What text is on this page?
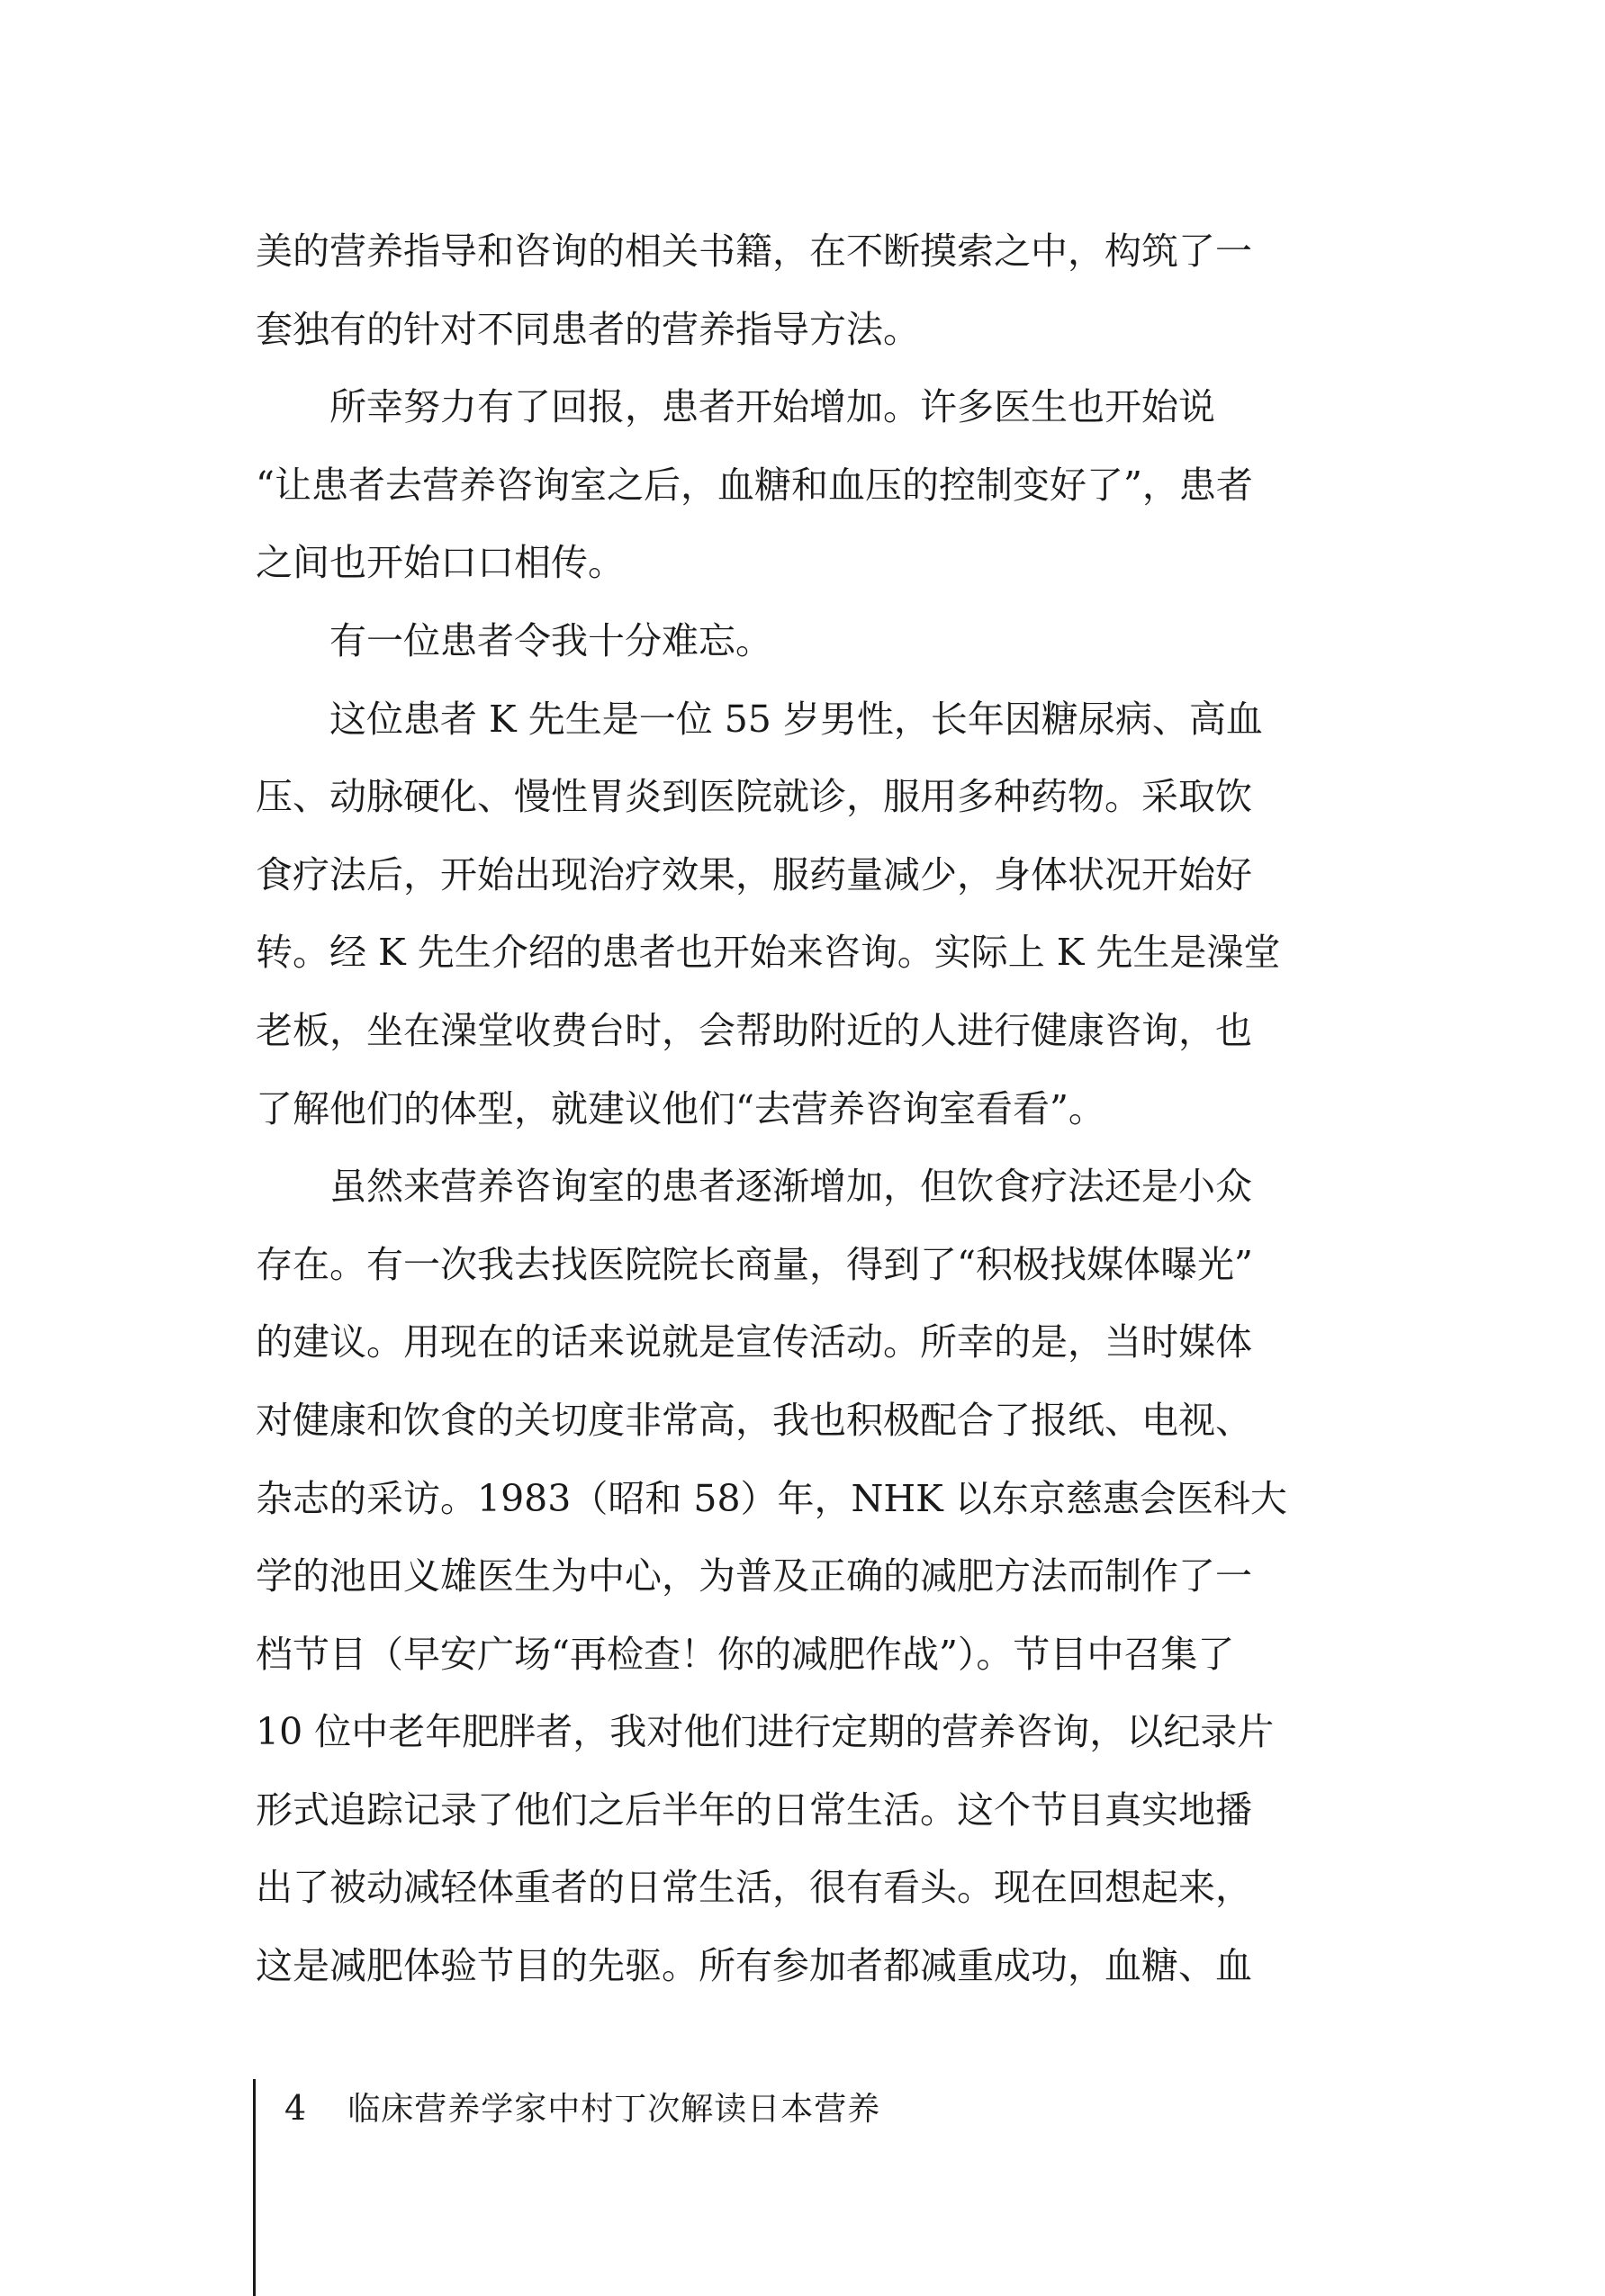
美的营养指导和咨询的相关书籍，在不断摸索之中，构筑了一
套独有的针对不同患者的营养指导方法。
　　所幸努力有了回报，患者开始增加。许多医生也开始说
“让患者去营养咨询室之后，血糖和血压的控制变好了”，患者
之间也开始口口相传。
　　有一位患者令我十分难忘。
　　这位患者 K 先生是一位 55 岁男性，长年因糖尿病、高血
压、动脉硬化、慢性胃炎到医院就诊，服用多种药物。采取饮
食疗法后，开始出现治疗效果，服药量减少，身体状况开始好
转。经 K 先生介绍的患者也开始来咨询。实际上 K 先生是澡堂
老板，坐在澡堂收费台时，会帮助附近的人进行健康咨询，也
了解他们的体型，就建议他们“去营养咨询室看看”。
　　虽然来营养咨询室的患者逐渐增加，但饮食疗法还是小众
存在。有一次我去找医院院长商量，得到了“积极找媒体曝光”
的建议。用现在的话来说就是宣传活动。所幸的是，当时媒体
对健康和饮食的关切度非常高，我也积极配合了报纸、电视、
杂志的采访。1983（昭和 58）年，NHK 以东京慈惠会医科大
学的池田义雄医生为中心，为普及正确的减肥方法而制作了一
档节目（早安广场“再检查！你的减肥作战”）。节目中召集了
10 位中老年肥胖者，我对他们进行定期的营养咨询，以纪录片
形式追踪记录了他们之后半年的日常生活。这个节目真实地播
出了被动减轻体重者的日常生活，很有看头。现在回想起来，
这是减肥体验节目的先驱。所有参加者都减重成功，血糖、血
4 临床营养学家中村丁次解读日本营养
